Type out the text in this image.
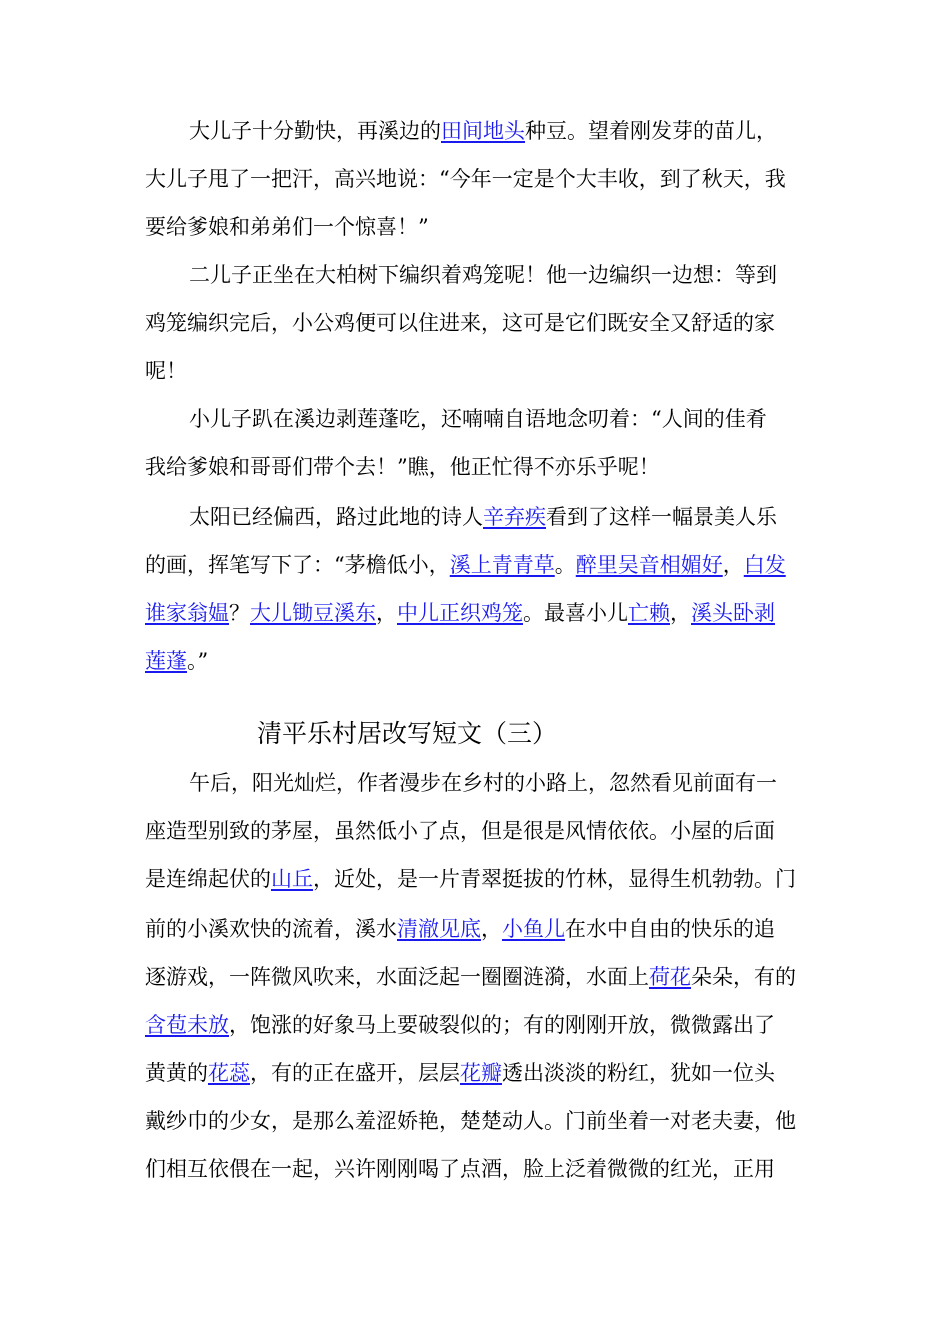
大儿子十分勤快，再溪边的田间地头种豆。望着刚发芽的苗儿，
大儿子甩了一把汗，高兴地说：“今年一定是个大丰收，到了秋天，我
要给爹娘和弟弟们一个惊喜！”
二儿子正坐在大柏树下编织着鸡笼呢！他一边编织一边想：等到
鸡笼编织完后，小公鸡便可以住进来，这可是它们既安全又舒适的家
呢！
小儿子趴在溪边剥莲蓬吃，还喃喃自语地念叨着：“人间的佳肴
我给爹娘和哥哥们带个去！”瞧，他正忙得不亦乐乎呢！
太阳已经偏西，路过此地的诗人辛弃疾看到了这样一幅景美人乐
的画，挥笔写下了：“茅檐低小，溪上青青草。醉里吴音相媚好，白发
谁家翁媪？大儿锄豆溪东，中儿正织鸡笼。最喜小儿亡赖，溪头卧剥
莲蓬。”
清平乐村居改写短文（三）
午后，阳光灿烂，作者漫步在乡村的小路上，忽然看见前面有一
座造型别致的茅屋，虽然低小了点，但是很是风情依依。小屋的后面
是连绵起伏的山丘，近处，是一片青翠挺拔的竹林，显得生机勃勃。门
前的小溪欢快的流着，溪水清澈见底，小鱼儿在水中自由的快乐的追
逐游戏，一阵微风吹来，水面泛起一圈圈涟漪，水面上荷花朵朵，有的
含苞未放，饱涨的好象马上要破裂似的；有的刚刚开放，微微露出了
黄黄的花蕊，有的正在盛开，层层花瓣透出淡淡的粉红，犹如一位头
戴纱巾的少女，是那么羞涩娇艳，楚楚动人。门前坐着一对老夫妻，他
们相互依偎在一起，兴许刚刚喝了点酒，脸上泛着微微的红光，正用
